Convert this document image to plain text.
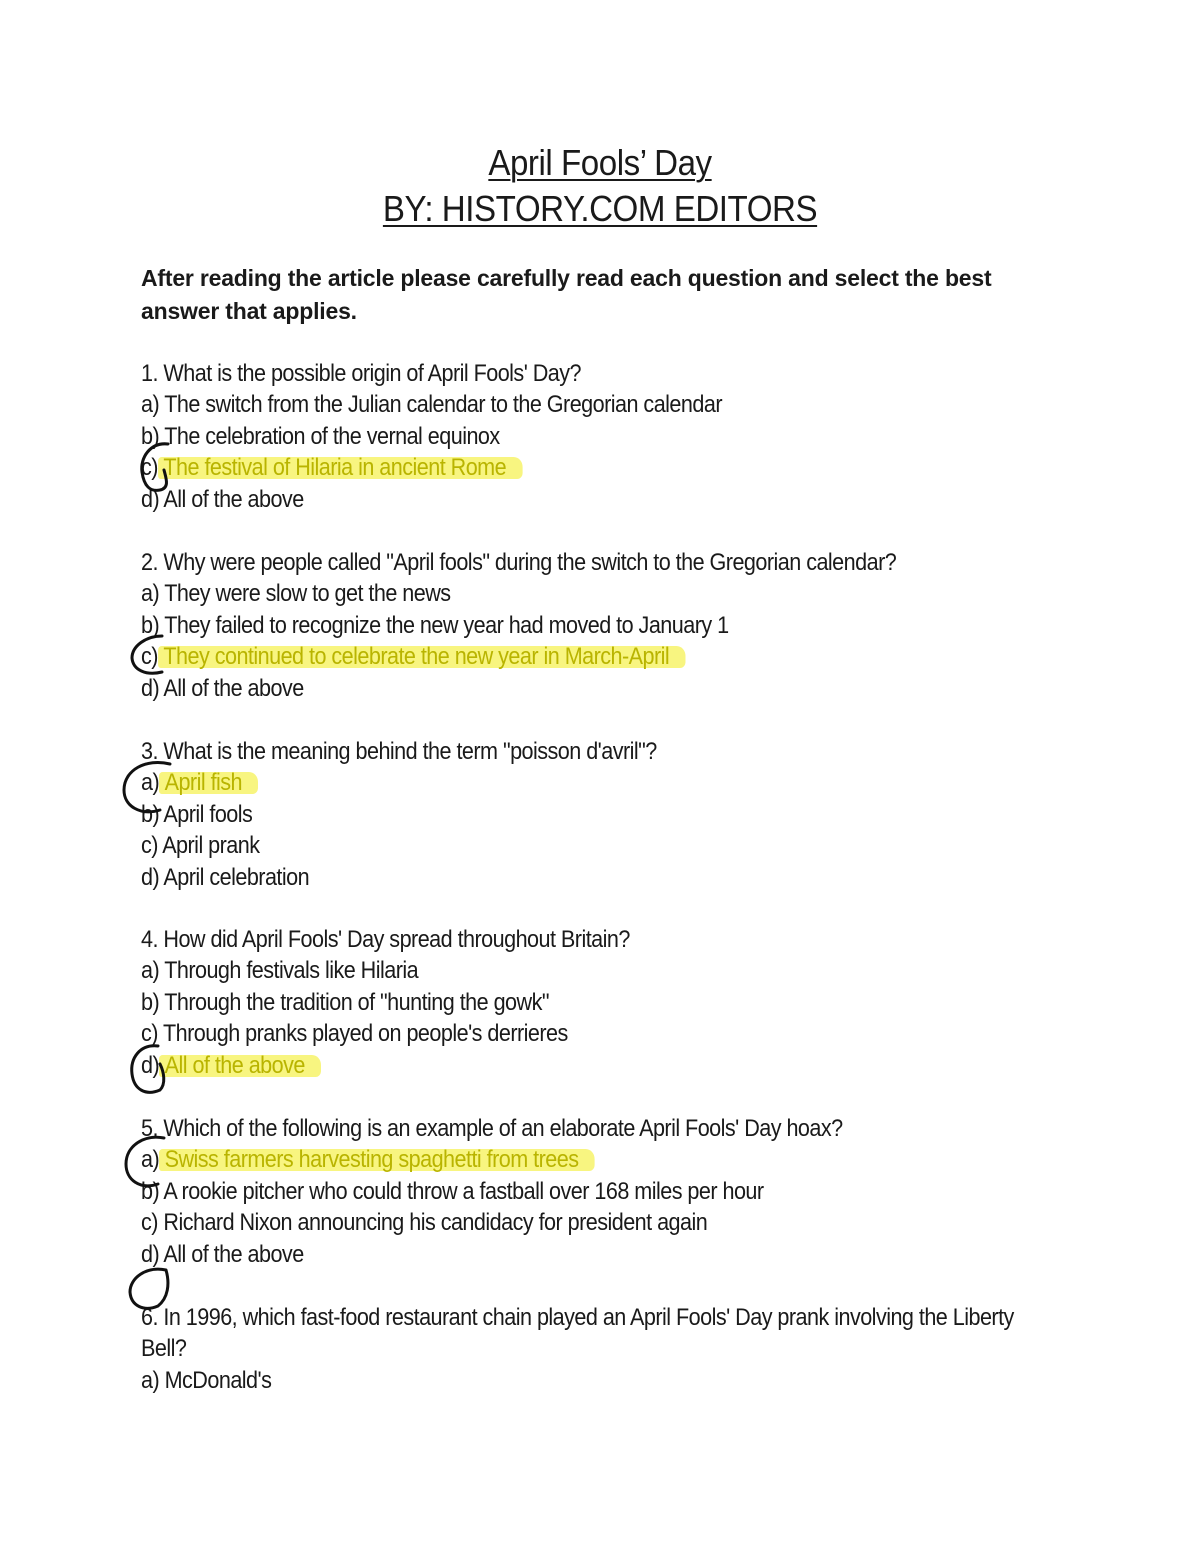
April Fools’ Day
BY: HISTORY.COM EDITORS
After reading the article please carefully read each question and select the best answer that applies.
1. What is the possible origin of April Fools' Day?
a) The switch from the Julian calendar to the Gregorian calendar
b) The celebration of the vernal equinox
c) The festival of Hilaria in ancient Rome
d) All of the above
2. Why were people called "April fools" during the switch to the Gregorian calendar?
a) They were slow to get the news
b) They failed to recognize the new year had moved to January 1
c) They continued to celebrate the new year in March-April
d) All of the above
3. What is the meaning behind the term "poisson d'avril"?
a) April fish
b) April fools
c) April prank
d) April celebration
4. How did April Fools' Day spread throughout Britain?
a) Through festivals like Hilaria
b) Through the tradition of "hunting the gowk"
c) Through pranks played on people's derrieres
d) All of the above
5. Which of the following is an example of an elaborate April Fools' Day hoax?
a) Swiss farmers harvesting spaghetti from trees
b) A rookie pitcher who could throw a fastball over 168 miles per hour
c) Richard Nixon announcing his candidacy for president again
d) All of the above
6. In 1996, which fast-food restaurant chain played an April Fools' Day prank involving the Liberty Bell?
a) McDonald's
